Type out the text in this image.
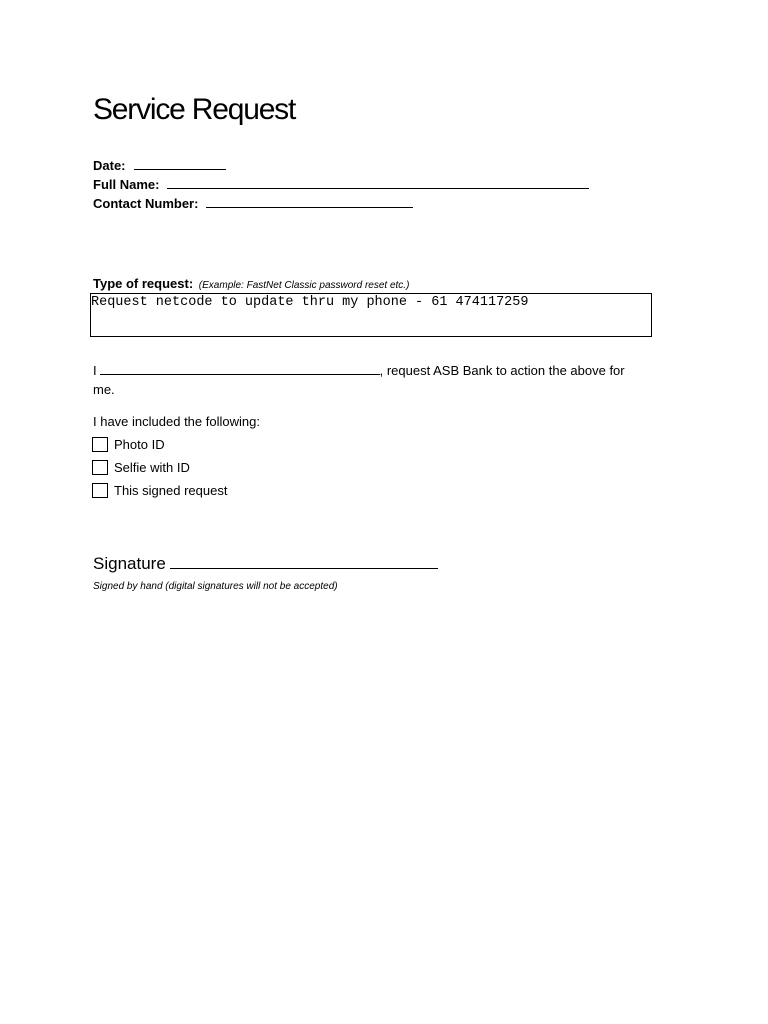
Service Request
Date:
Full Name:
Contact Number:
Type of request: (Example: FastNet Classic password reset etc.)
Request netcode to update thru my phone - 61 474117259
I	, request ASB Bank to action the above for me.
I have included the following:
Photo ID
Selfie with ID
This signed request
Signature
Signed by hand (digital signatures will not be accepted)
